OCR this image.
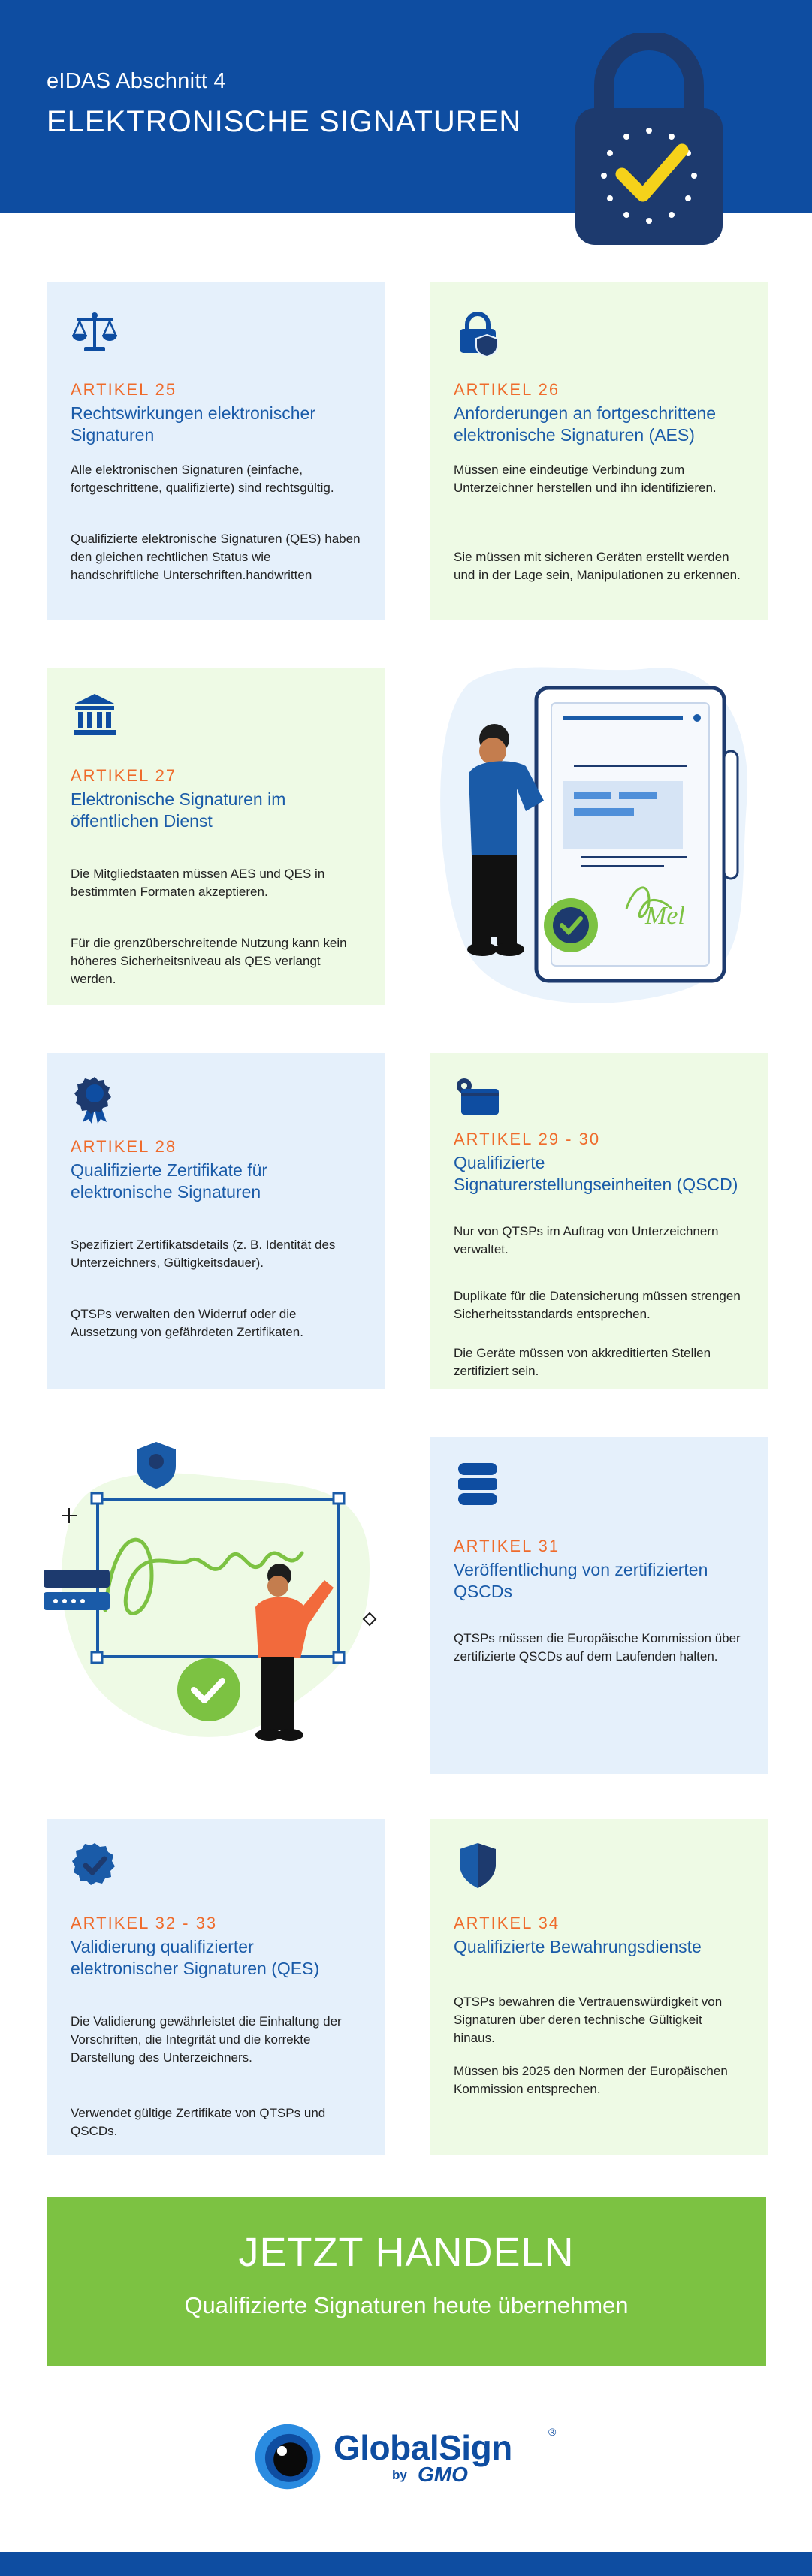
eIDAS Abschnitt 4
ELEKTRONISCHE SIGNATUREN
ARTIKEL 25
Rechtswirkungen elektronischer Signaturen
Alle elektronischen Signaturen (einfache, fortgeschrittene, qualifizierte) sind rechtsgültig.
Qualifizierte elektronische Signaturen (QES) haben den gleichen rechtlichen Status wie handschriftliche Unterschriften.handwritten
ARTIKEL 26
Anforderungen an fortgeschrittene elektronische Signaturen (AES)
Müssen eine eindeutige Verbindung zum Unterzeichner herstellen und ihn identifizieren.
Sie müssen mit sicheren Geräten erstellt werden und in der Lage sein, Manipulationen zu erkennen.
ARTIKEL 27
Elektronische Signaturen im öffentlichen Dienst
Die Mitgliedstaaten müssen AES und QES in bestimmten Formaten akzeptieren.
Für die grenzüberschreitende Nutzung kann kein höheres Sicherheitsniveau als QES verlangt werden.
Mel
ARTIKEL 28
Qualifizierte Zertifikate für elektronische Signaturen
Spezifiziert Zertifikatsdetails (z. B. Identität des Unterzeichners, Gültigkeitsdauer).
QTSPs verwalten den Widerruf oder die Aussetzung von gefährdeten Zertifikaten.
ARTIKEL 29 - 30
Qualifizierte Signaturerstellungseinheiten (QSCD)
Nur von QTSPs im Auftrag von Unterzeichnern verwaltet.
Duplikate für die Datensicherung müssen strengen Sicherheitsstandards entsprechen.
Die Geräte müssen von akkreditierten Stellen zertifiziert sein.
ARTIKEL 31
Veröffentlichung von zertifizierten QSCDs
QTSPs müssen die Europäische Kommission über zertifizierte QSCDs auf dem Laufenden halten.
ARTIKEL 32 - 33
Validierung qualifizierter elektronischer Signaturen (QES)
Die Validierung gewährleistet die Einhaltung der Vorschriften, die Integrität und die korrekte Darstellung des Unterzeichners.
Verwendet gültige Zertifikate von QTSPs und QSCDs.
ARTIKEL 34
Qualifizierte Bewahrungsdienste
QTSPs bewahren die Vertrauenswürdigkeit von Signaturen über deren technische Gültigkeit hinaus.
Müssen bis 2025 den Normen der Europäischen Kommission entsprechen.
JETZT HANDELN
Qualifizierte Signaturen heute übernehmen
GlobalSign	®
by GMO
